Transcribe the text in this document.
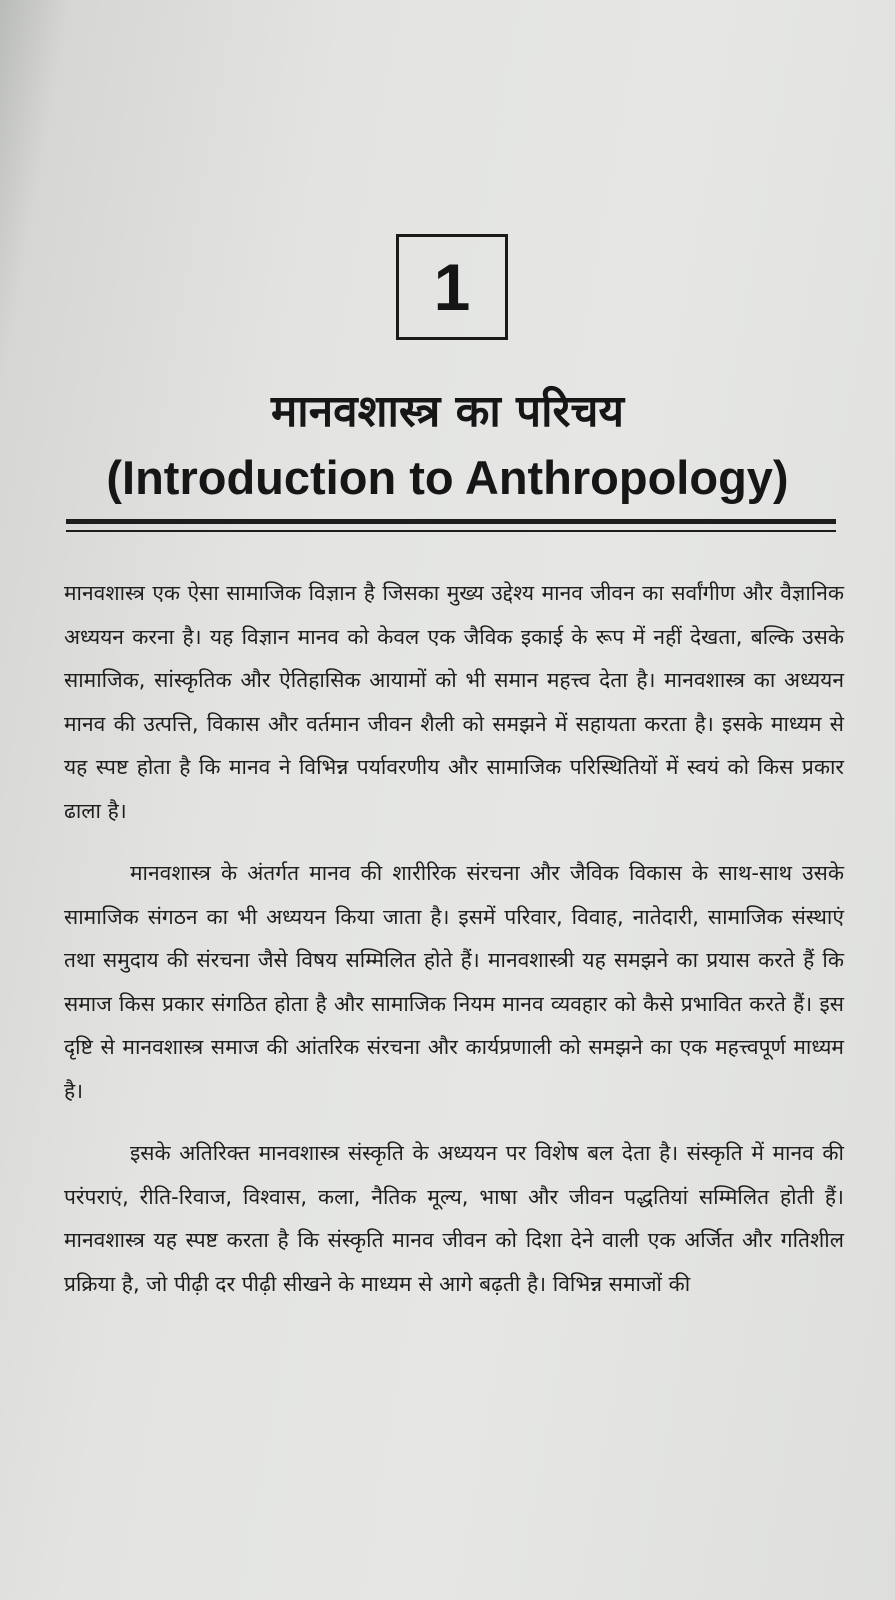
1
मानवशास्त्र का परिचय
(Introduction to Anthropology)

मानवशास्त्र एक ऐसा सामाजिक विज्ञान है जिसका मुख्य उद्देश्य मानव जीवन का सर्वांगीण और वैज्ञानिक अध्ययन करना है। यह विज्ञान मानव को केवल एक जैविक इकाई के रूप में नहीं देखता, बल्कि उसके सामाजिक, सांस्कृतिक और ऐतिहासिक आयामों को भी समान महत्त्व देता है। मानवशास्त्र का अध्ययन मानव की उत्पत्ति, विकास और वर्तमान जीवन शैली को समझने में सहायता करता है। इसके माध्यम से यह स्पष्ट होता है कि मानव ने विभिन्न पर्यावरणीय और सामाजिक परिस्थितियों में स्वयं को किस प्रकार ढाला है।

मानवशास्त्र के अंतर्गत मानव की शारीरिक संरचना और जैविक विकास के साथ-साथ उसके सामाजिक संगठन का भी अध्ययन किया जाता है। इसमें परिवार, विवाह, नातेदारी, सामाजिक संस्थाएं तथा समुदाय की संरचना जैसे विषय सम्मिलित होते हैं। मानवशास्त्री यह समझने का प्रयास करते हैं कि समाज किस प्रकार संगठित होता है और सामाजिक नियम मानव व्यवहार को कैसे प्रभावित करते हैं। इस दृष्टि से मानवशास्त्र समाज की आंतरिक संरचना और कार्यप्रणाली को समझने का एक महत्त्वपूर्ण माध्यम है।

इसके अतिरिक्त मानवशास्त्र संस्कृति के अध्ययन पर विशेष बल देता है। संस्कृति में मानव की परंपराएं, रीति-रिवाज, विश्वास, कला, नैतिक मूल्य, भाषा और जीवन पद्धतियां सम्मिलित होती हैं। मानवशास्त्र यह स्पष्ट करता है कि संस्कृति मानव जीवन को दिशा देने वाली एक अर्जित और गतिशील प्रक्रिया है, जो पीढ़ी दर पीढ़ी सीखने के माध्यम से आगे बढ़ती है। विभिन्न समाजों की
